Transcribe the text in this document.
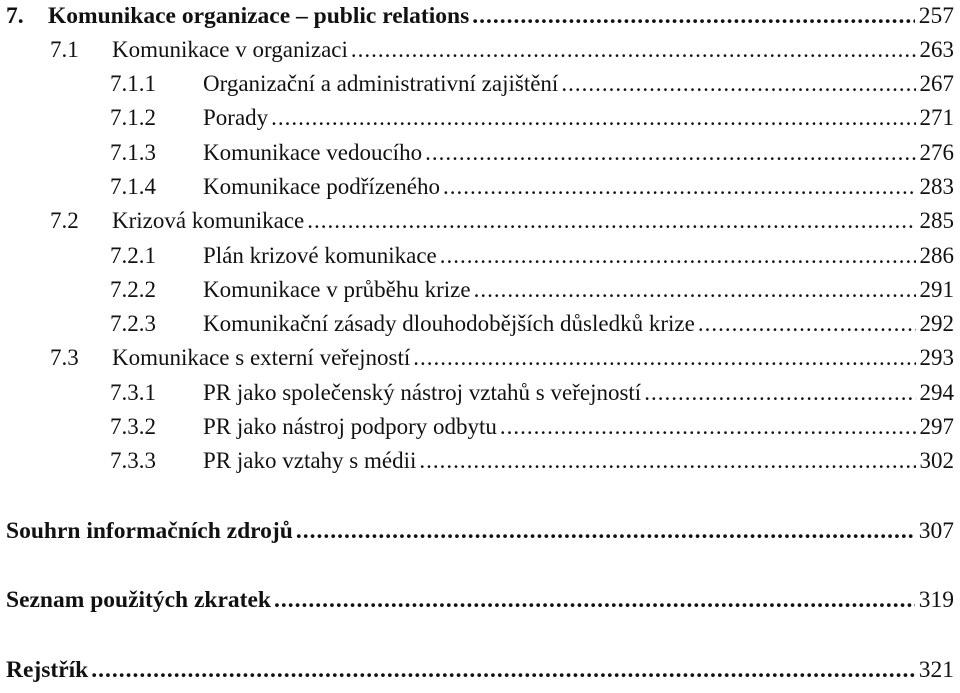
7.	Komunikace organizace – public relations .....	257
7.1	Komunikace v organizaci .....	263
7.1.1	Organizační a administrativní zajištění .....	267
7.1.2	Porady .....	271
7.1.3	Komunikace vedoucího .....	276
7.1.4	Komunikace podřízeného .....	283
7.2	Krizová komunikace .....	285
7.2.1	Plán krizové komunikace .....	286
7.2.2	Komunikace v průběhu krize .....	291
7.2.3	Komunikační zásady dlouhodobějších důsledků krize .....	292
7.3	Komunikace s externí veřejností .....	293
7.3.1	PR jako společenský nástroj vztahů s veřejností .....	294
7.3.2	PR jako nástroj podpory odbytu .....	297
7.3.3	PR jako vztahy s médii .....	302
Souhrn informačních zdrojů .....	307
Seznam použitých zkratek .....	319
Rejstřík .....	321
